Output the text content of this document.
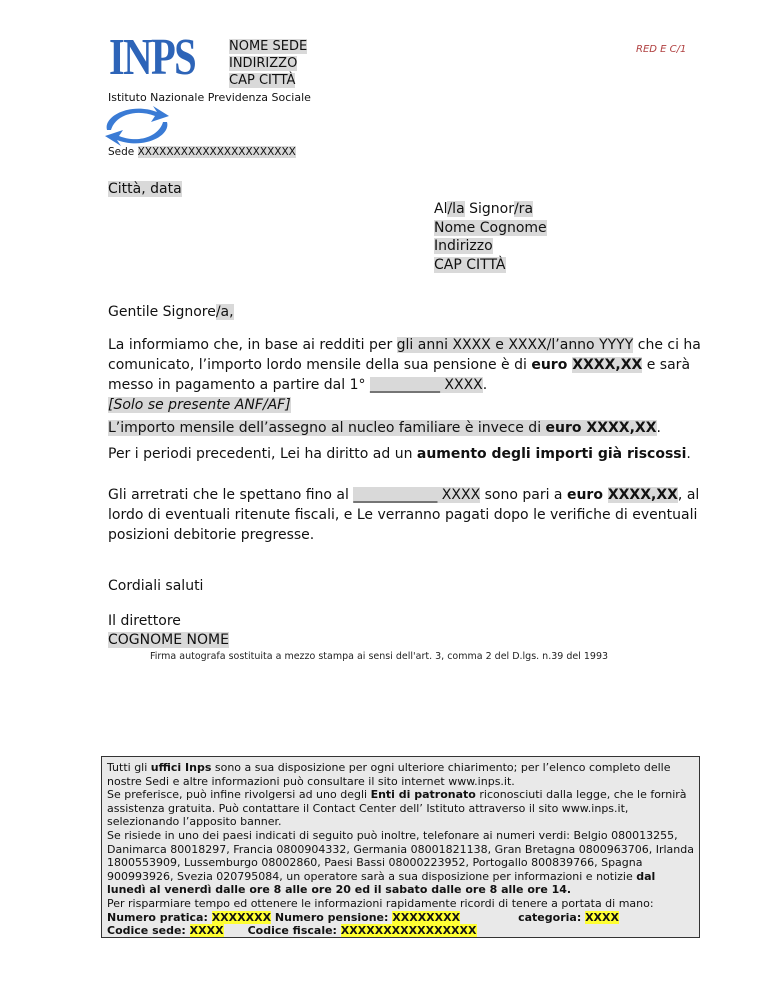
INPS	NOME SEDE
INDIRIZZO
CAP CITTÀ
RED E C/1
Istituto Nazionale Previdenza Sociale
Sede XXXXXXXXXXXXXXXXXXXXXX
Città, data
Al/la Signor/ra
Nome Cognome
Indirizzo
CAP CITTÀ
Gentile Signore/a,
La informiamo che, in base ai redditi per gli anni XXXX e XXXX/l’anno YYYY che ci ha comunicato, l’importo lordo mensile della sua pensione è di euro XXXX,XX e sarà messo in pagamento a partire dal 1° __________ XXXX.
[Solo se presente ANF/AF]
L’importo mensile dell’assegno al nucleo familiare è invece di euro XXXX,XX.
Per i periodi precedenti, Lei ha diritto ad un aumento degli importi già riscossi.
Gli arretrati che le spettano fino al ____________ XXXX sono pari a euro XXXX,XX, al lordo di eventuali ritenute fiscali, e Le verranno pagati dopo le verifiche di eventuali posizioni debitorie pregresse.
Cordiali saluti
Il direttore
COGNOME NOME
Firma autografa sostituita a mezzo stampa ai sensi dell'art. 3, comma 2 del D.lgs. n.39 del 1993
Tutti gli uffici Inps sono a sua disposizione per ogni ulteriore chiarimento; per l’elenco completo delle nostre Sedi e altre informazioni può consultare il sito internet www.inps.it.
Se preferisce, può infine rivolgersi ad uno degli Enti di patronato riconosciuti dalla legge, che le fornirà assistenza gratuita. Può contattare il Contact Center dell’ Istituto attraverso il sito www.inps.it, selezionando l’apposito banner.
Se risiede in uno dei paesi indicati di seguito può inoltre, telefonare ai numeri verdi: Belgio 080013255, Danimarca 80018297, Francia 0800904332, Germania 08001821138, Gran Bretagna 0800963706, Irlanda 1800553909, Lussemburgo 08002860, Paesi Bassi 08000223952, Portogallo 800839766, Spagna 900993926, Svezia 020795084, un operatore sarà a sua disposizione per informazioni e notizie dal lunedì al venerdì dalle ore 8 alle ore 20 ed il sabato dalle ore 8 alle ore 14.
Per risparmiare tempo ed ottenere le informazioni rapidamente ricordi di tenere a portata di mano:
Numero pratica: XXXXXXX Numero pensione: XXXXXXXX	categoria: XXXX
Codice sede: XXXX Codice fiscale: XXXXXXXXXXXXXXXX
